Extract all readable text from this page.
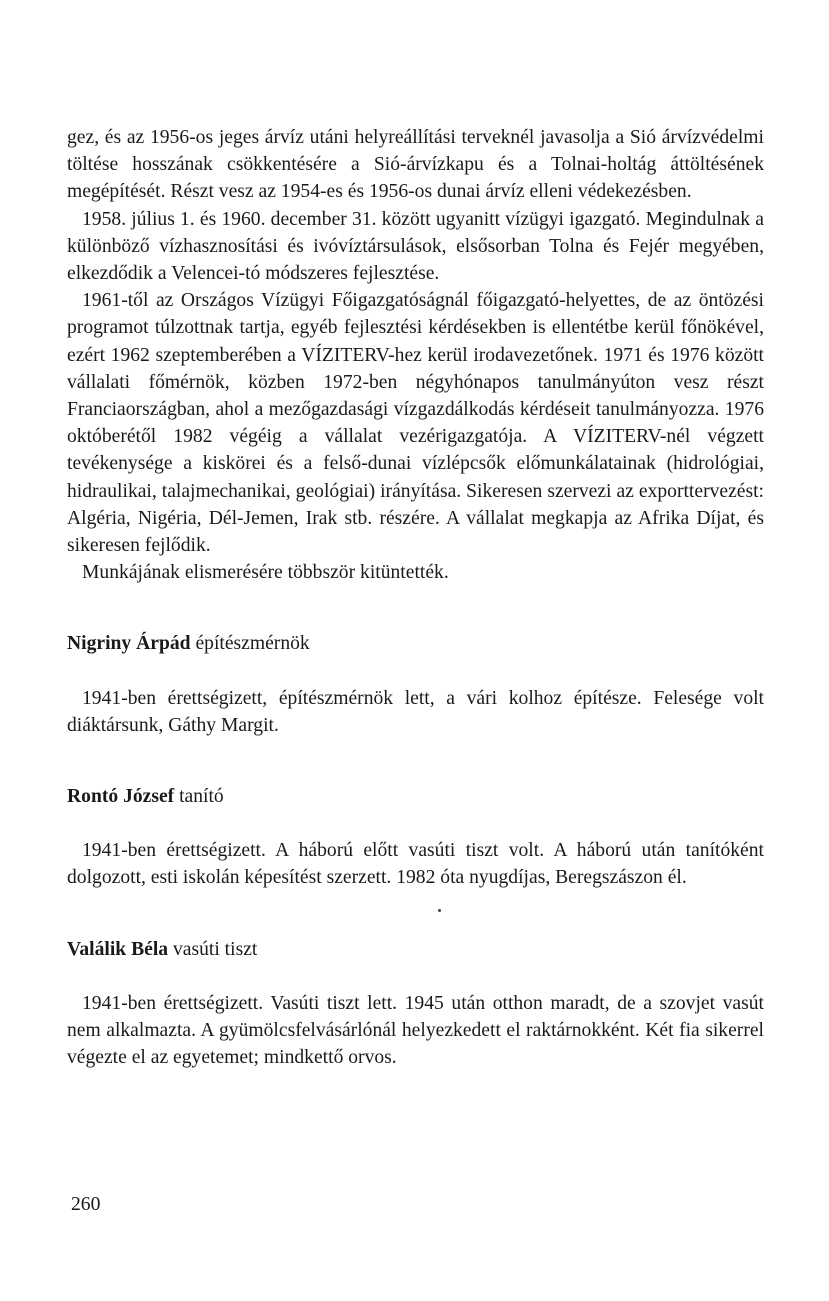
gez, és az 1956-os jeges árvíz utáni helyreállítási terveknél javasolja a Sió árvízvédelmi töltése hosszának csökkentésére a Sió-árvízkapu és a Tolnai-holtág áttöltésének megépítését. Részt vesz az 1954-es és 1956-os dunai árvíz elleni védekezésben.

1958. július 1. és 1960. december 31. között ugyanitt vízügyi igazgató. Megindulnak a különböző vízhasznosítási és ivóvíztársulások, elsősorban Tolna és Fejér megyében, elkezdődik a Velencei-tó módszeres fejlesztése.

1961-től az Országos Vízügyi Főigazgatóságnál főigazgató-helyettes, de az öntözési programot túlzottnak tartja, egyéb fejlesztési kérdésekben is ellentétbe kerül főnökével, ezért 1962 szeptemberében a VÍZITERV-hez kerül irodavezetőnek. 1971 és 1976 között vállalati főmérnök, közben 1972-ben négyhónapos tanulmányúton vesz részt Franciaországban, ahol a mezőgazdasági vízgazdálkodás kérdéseit tanulmányozza. 1976 októberétől 1982 végéig a vállalat vezérigazgatója. A VÍZITERV-nél végzett tevékenysége a kiskörei és a felső-dunai vízlépcsők előmunkálatainak (hidrológiai, hidraulikai, talajmechanikai, geológiai) irányítása. Sikeresen szervezi az exporttervezést: Algéria, Nigéria, Dél-Jemen, Irak stb. részére. A vállalat megkapja az Afrika Díjat, és sikeresen fejlődik.

Munkájának elismerésére többször kitüntették.

Nigriny Árpád építészmérnök

1941-ben érettségizett, építészmérnök lett, a vári kolhoz építésze. Felesége volt diáktársunk, Gáthy Margit.

Rontó József tanító

1941-ben érettségizett. A háború előtt vasúti tiszt volt. A háború után tanítóként dolgozott, esti iskolán képesítést szerzett. 1982 óta nyugdíjas, Beregszászon él.

Valálik Béla vasúti tiszt

1941-ben érettségizett. Vasúti tiszt lett. 1945 után otthon maradt, de a szovjet vasút nem alkalmazta. A gyümölcsfelvásárlónál helyezkedett el raktárnokként. Két fia sikerrel végezte el az egyetemet; mindkettő orvos.

260
